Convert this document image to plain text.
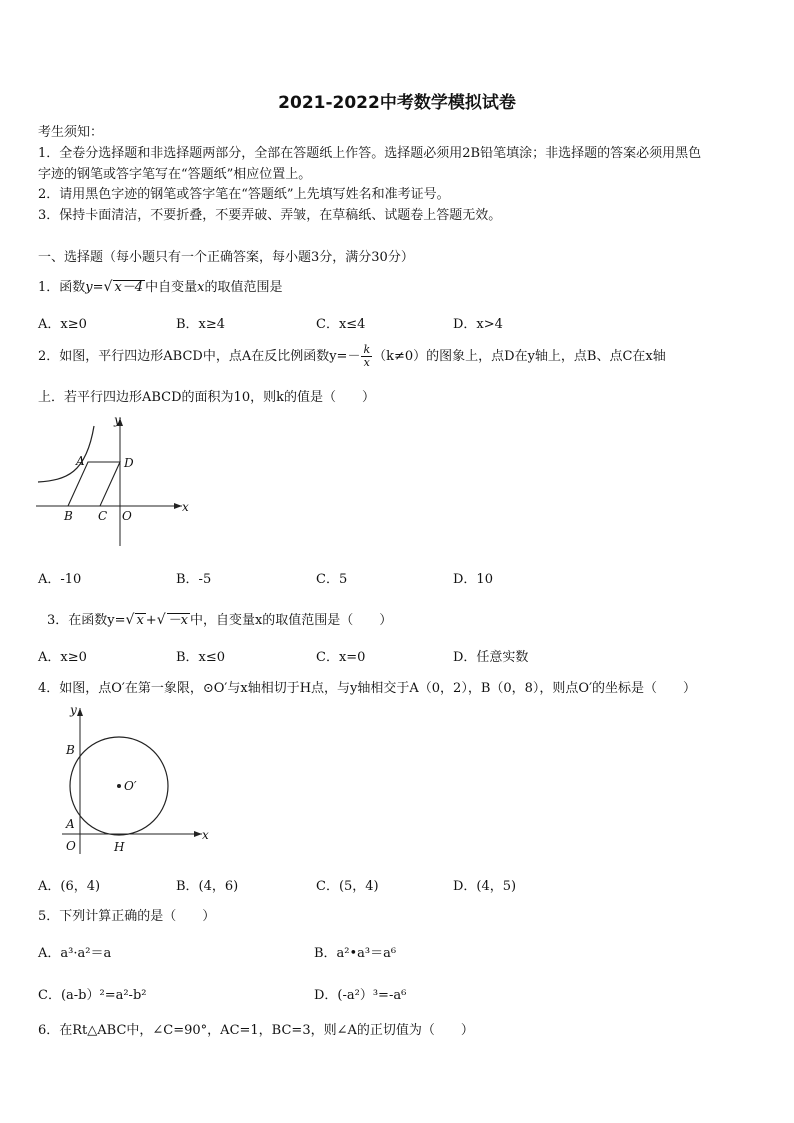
2021-2022中考数学模拟试卷
考生须知：
1．全卷分选择题和非选择题两部分，全部在答题纸上作答。选择题必须用2B铅笔填涂；非选择题的答案必须用黑色
字迹的钢笔或答字笔写在“答题纸”相应位置上。
2．请用黑色字迹的钢笔或答字笔在“答题纸”上先填写姓名和准考证号。
3．保持卡面清洁，不要折叠，不要弄破、弄皱，在草稿纸、试题卷上答题无效。
一、选择题（每小题只有一个正确答案，每小题3分，满分30分）
1．函数y=√ x－4 中自变量x的取值范围是
A．x≥0	B．x≥4	C．x≤4	D．x>4
2．如图，平行四边形ABCD中，点A在反比例函数$y=- \frac{k}{x} (k\ne 0)$的图象上，点D在y轴上，点B、点C在x轴
上．若平行四边形ABCD的面积为10，则k的值是（　　）
y
x
A	D
B C O
A．-10	B．-5	C．5	D．10
3．在函数y=√ x +√ －x 中，自变量x的取值范围是（　　）
A．x≥0	B．x≤0	C．x=0	D．任意实数
4．如图，点O′在第一象限，⊙O′与x轴相切于H点，与y轴相交于A（0，2），B（0，8），则点O′的坐标是（　　）
y
x
B
A
O	H
O′
A．(6，4)	B．(4，6)	C．(5，4)	D．(4，5)
5．下列计算正确的是（　　）
A．a³·a²＝a	B．a²•a³＝a⁶
C．(a-b）²=a²-b²	D．(-a²）³=-a⁶
6．在Rt△ABC中，∠C=90°，AC=1，BC=3，则∠A的正切值为（　　）
